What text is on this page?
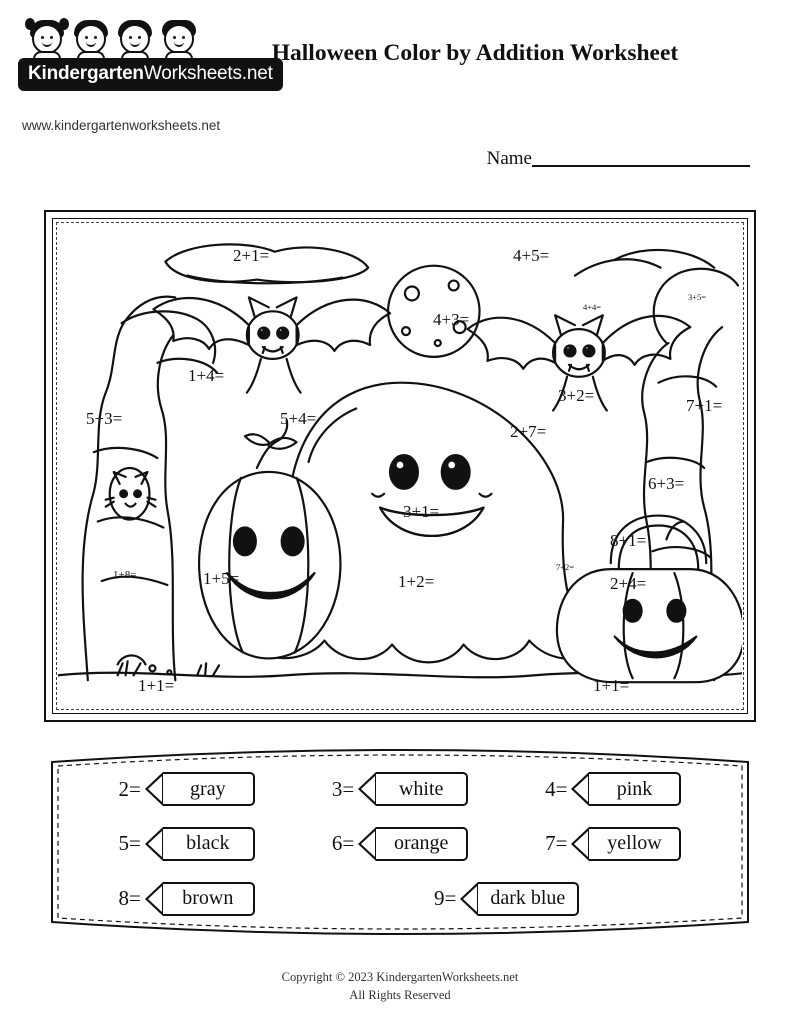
KindergartenWorksheets.net
Halloween Color by Addition Worksheet
www.kindergartenworksheets.net
Name
2+1=	4+5=
4+3=
4+4=
3+5=
1+4=
3+2=
7+1=
5+3=	5+4=
2+7=
6+3=
3+1=
8+1=
7+2=
2+4=
1+8=	1+5=	1+2=
1+1=	1+1=
2=	gray	3=	white	4=	pink
5=	black	6=	orange	7=	yellow
8=	brown	9=	dark blue
Copyright © 2023 KindergartenWorksheets.net
All Rights Reserved
